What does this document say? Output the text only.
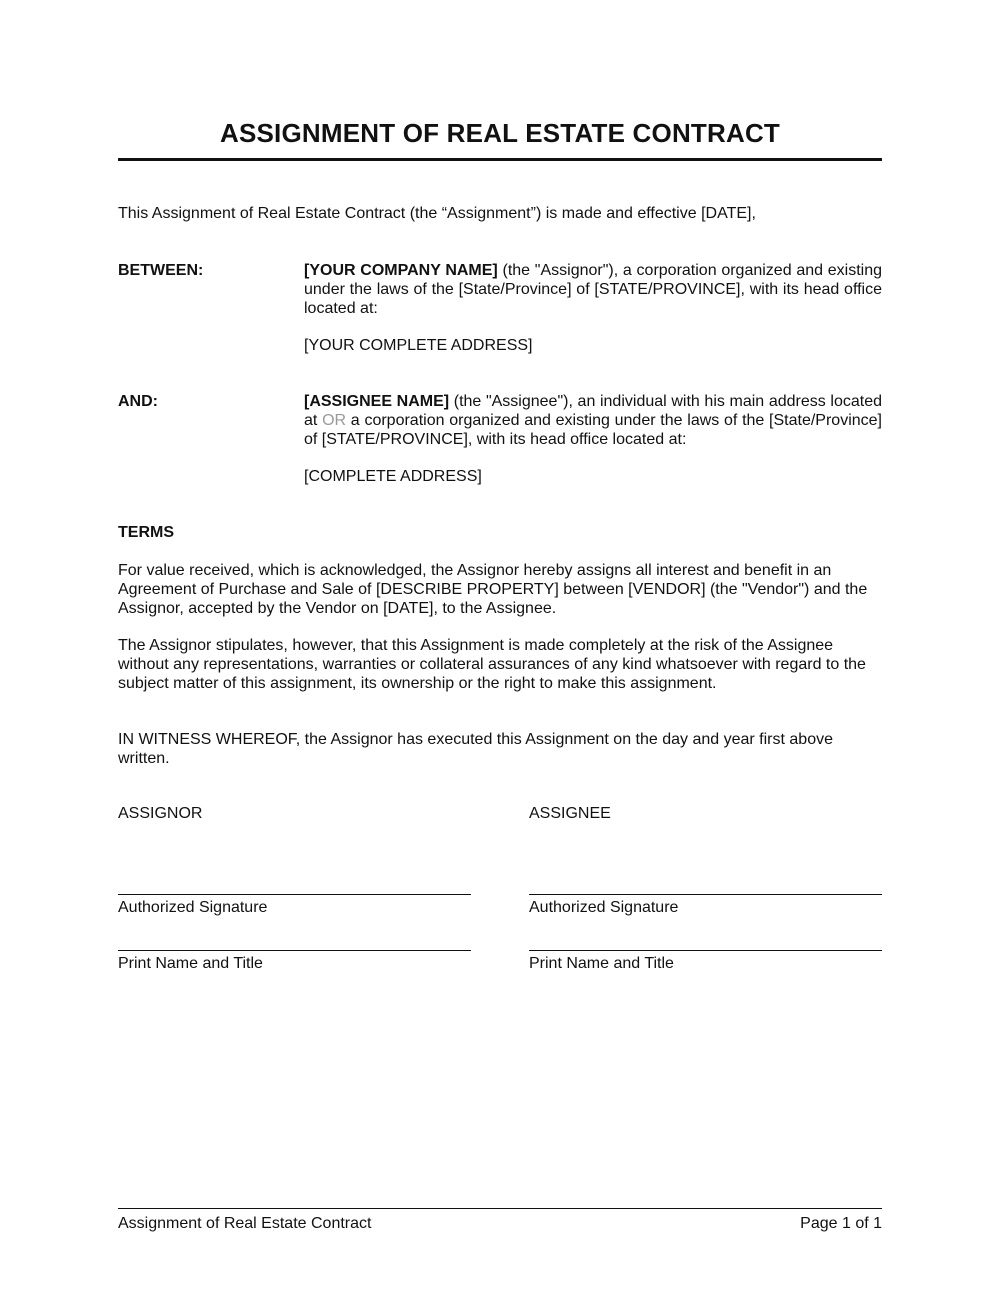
ASSIGNMENT OF REAL ESTATE CONTRACT
This Assignment of Real Estate Contract (the “Assignment”) is made and effective [DATE],
BETWEEN:	[YOUR COMPANY NAME] (the "Assignor"), a corporation organized and existing under the laws of the [State/Province] of [STATE/PROVINCE], with its head office located at:
[YOUR COMPLETE ADDRESS]
AND:	[ASSIGNEE NAME] (the "Assignee"), an individual with his main address located at OR a corporation organized and existing under the laws of the [State/Province] of [STATE/PROVINCE], with its head office located at:
[COMPLETE ADDRESS]
TERMS
For value received, which is acknowledged, the Assignor hereby assigns all interest and benefit in an Agreement of Purchase and Sale of [DESCRIBE PROPERTY] between [VENDOR] (the "Vendor") and the Assignor, accepted by the Vendor on [DATE], to the Assignee.
The Assignor stipulates, however, that this Assignment is made completely at the risk of the Assignee without any representations, warranties or collateral assurances of any kind whatsoever with regard to the subject matter of this assignment, its ownership or the right to make this assignment.
IN WITNESS WHEREOF, the Assignor has executed this Assignment on the day and year first above written.
ASSIGNOR
Authorized Signature
Print Name and Title
ASSIGNEE
Authorized Signature
Print Name and Title
Assignment of Real Estate Contract	Page 1 of 1
